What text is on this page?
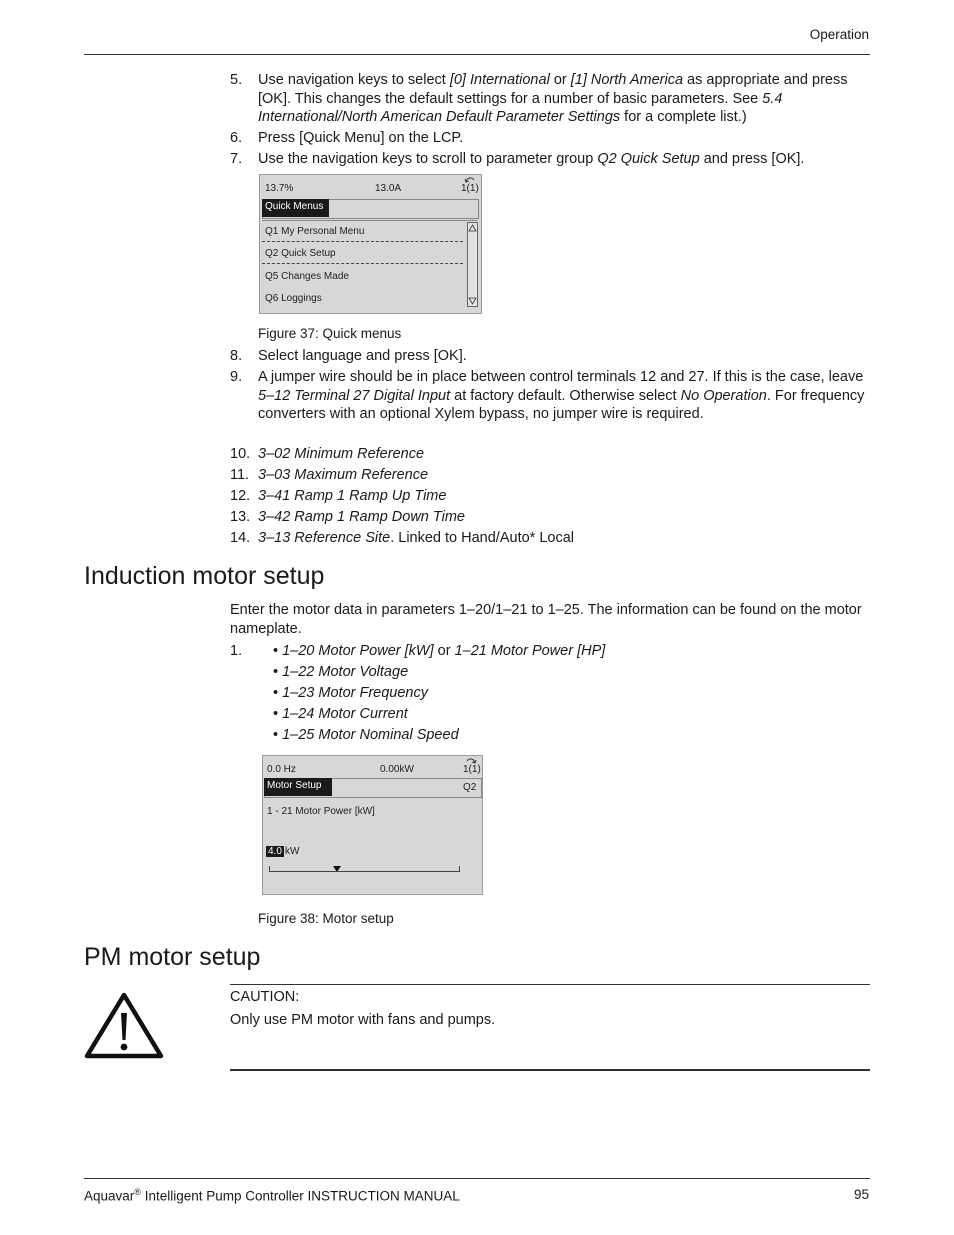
Operation
5. Use navigation keys to select [0] International or [1] North America as appropriate and press [OK]. This changes the default settings for a number of basic parameters. See 5.4 International/North American Default Parameter Settings for a complete list.)
6. Press [Quick Menu] on the LCP.
7. Use the navigation keys to scroll to parameter group Q2 Quick Setup and press [OK].
13.7%	13.0A	1(1)
Quick Menus
Q1 My Personal Menu
Q2 Quick Setup
Q5 Changes Made
Q6 Loggings
Figure 37: Quick menus
8. Select language and press [OK].
9. A jumper wire should be in place between control terminals 12 and 27. If this is the case, leave 5–12 Terminal 27 Digital Input at factory default. Otherwise select No Operation. For frequency converters with an optional Xylem bypass, no jumper wire is required.
10. 3–02 Minimum Reference
11. 3–03 Maximum Reference
12. 3–41 Ramp 1 Ramp Up Time
13. 3–42 Ramp 1 Ramp Down Time
14. 3–13 Reference Site. Linked to Hand/Auto* Local
Induction motor setup
Enter the motor data in parameters 1–20/1–21 to 1–25. The information can be found on the motor nameplate.
1. • 1–20 Motor Power [kW] or 1–21 Motor Power [HP]
• 1–22 Motor Voltage
• 1–23 Motor Frequency
• 1–24 Motor Current
• 1–25 Motor Nominal Speed
0.0 Hz	0.00kW	1(1)
Motor Setup	Q2
1 - 21 Motor Power [kW]
4.0 kW
Figure 38: Motor setup
PM motor setup
CAUTION:
Only use PM motor with fans and pumps.
Aquavar® Intelligent Pump Controller INSTRUCTION MANUAL	95
